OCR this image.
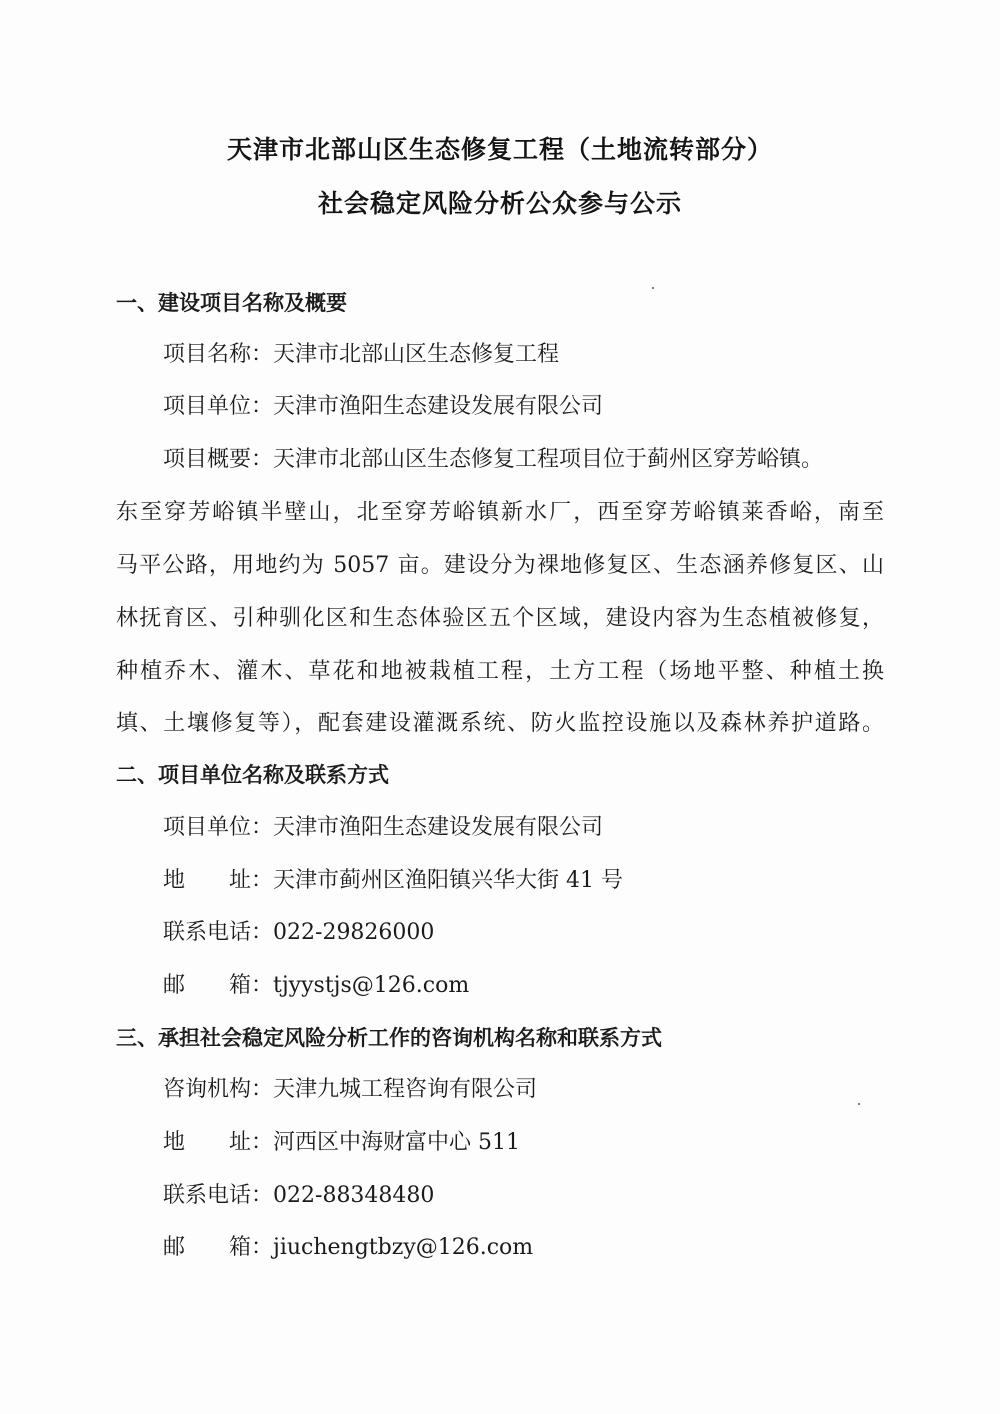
天津市北部山区生态修复工程（土地流转部分）
社会稳定风险分析公众参与公示
一、建设项目名称及概要
项目名称：天津市北部山区生态修复工程
项目单位：天津市渔阳生态建设发展有限公司
项目概要：天津市北部山区生态修复工程项目位于蓟州区穿芳峪镇。
东至穿芳峪镇半壁山，北至穿芳峪镇新水厂，西至穿芳峪镇莱香峪，南至
马平公路，用地约为 5057 亩。建设分为裸地修复区、生态涵养修复区、山
林抚育区、引种驯化区和生态体验区五个区域，建设内容为生态植被修复，
种植乔木、灌木、草花和地被栽植工程，土方工程（场地平整、种植土换
填、土壤修复等），配套建设灌溉系统、防火监控设施以及森林养护道路。
二、项目单位名称及联系方式
项目单位：天津市渔阳生态建设发展有限公司
地　　址：天津市蓟州区渔阳镇兴华大街 41 号
联系电话：022-29826000
邮　　箱：tjyystjs@126.com
三、承担社会稳定风险分析工作的咨询机构名称和联系方式
咨询机构：天津九城工程咨询有限公司
地　　址：河西区中海财富中心 511
联系电话：022-88348480
邮　　箱：jiuchengtbzy@126.com
